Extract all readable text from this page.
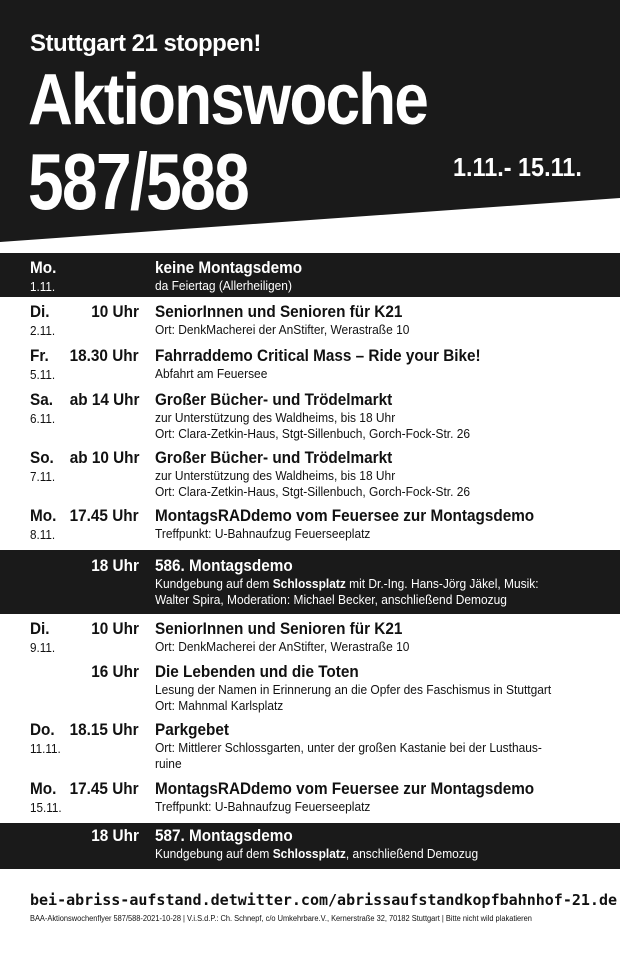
Stuttgart 21 stoppen!
Aktionswoche
587/588	1.11.- 15.11.
Mo.
1.11.
keine Montagsdemo
da Feiertag (Allerheiligen)
Di. 10 Uhr
2.11.
SeniorInnen und Senioren für K21
Ort: DenkMacherei der AnStifter, Werastraße 10
Fr. 18.30 Uhr
5.11.
Fahrraddemo Critical Mass – Ride your Bike!
Abfahrt am Feuersee
Sa. ab 14 Uhr
6.11.
Großer Bücher- und Trödelmarkt
zur Unterstützung des Waldheims, bis 18 Uhr
Ort: Clara-Zetkin-Haus, Stgt-Sillenbuch, Gorch-Fock-Str. 26
So. ab 10 Uhr
7.11.
Großer Bücher- und Trödelmarkt
zur Unterstützung des Waldheims, bis 18 Uhr
Ort: Clara-Zetkin-Haus, Stgt-Sillenbuch, Gorch-Fock-Str. 26
Mo. 17.45 Uhr
8.11.
MontagsRADdemo vom Feuersee zur Montagsdemo
Treffpunkt: U-Bahnaufzug Feuerseeplatz
18 Uhr 586. Montagsdemo
Kundgebung auf dem Schlossplatz mit Dr.-Ing. Hans-Jörg Jäkel, Musik:
Walter Spira, Moderation: Michael Becker, anschließend Demozug
Di. 10 Uhr
9.11.
SeniorInnen und Senioren für K21
Ort: DenkMacherei der AnStifter, Werastraße 10
16 Uhr Die Lebenden und die Toten
Lesung der Namen in Erinnerung an die Opfer des Faschismus in Stuttgart
Ort: Mahnmal Karlsplatz
Do. 18.15 Uhr
11.11.
Parkgebet
Ort: Mittlerer Schlossgarten, unter der großen Kastanie bei der Lusthaus-
ruine
Mo. 17.45 Uhr
15.11.
MontagsRADdemo vom Feuersee zur Montagsdemo
Treffpunkt: U-Bahnaufzug Feuerseeplatz
18 Uhr 587. Montagsdemo
Kundgebung auf dem Schlossplatz, anschließend Demozug
bei-abriss-aufstand.de twitter.com/abrissaufstand kopfbahnhof-21.de
BAA-Aktionswochenflyer 587/588-2021-10-28 | V.i.S.d.P.: Ch. Schnepf, c/o Umkehrbare.V., Kernerstraße 32, 70182 Stuttgart | Bitte nicht wild plakatieren
